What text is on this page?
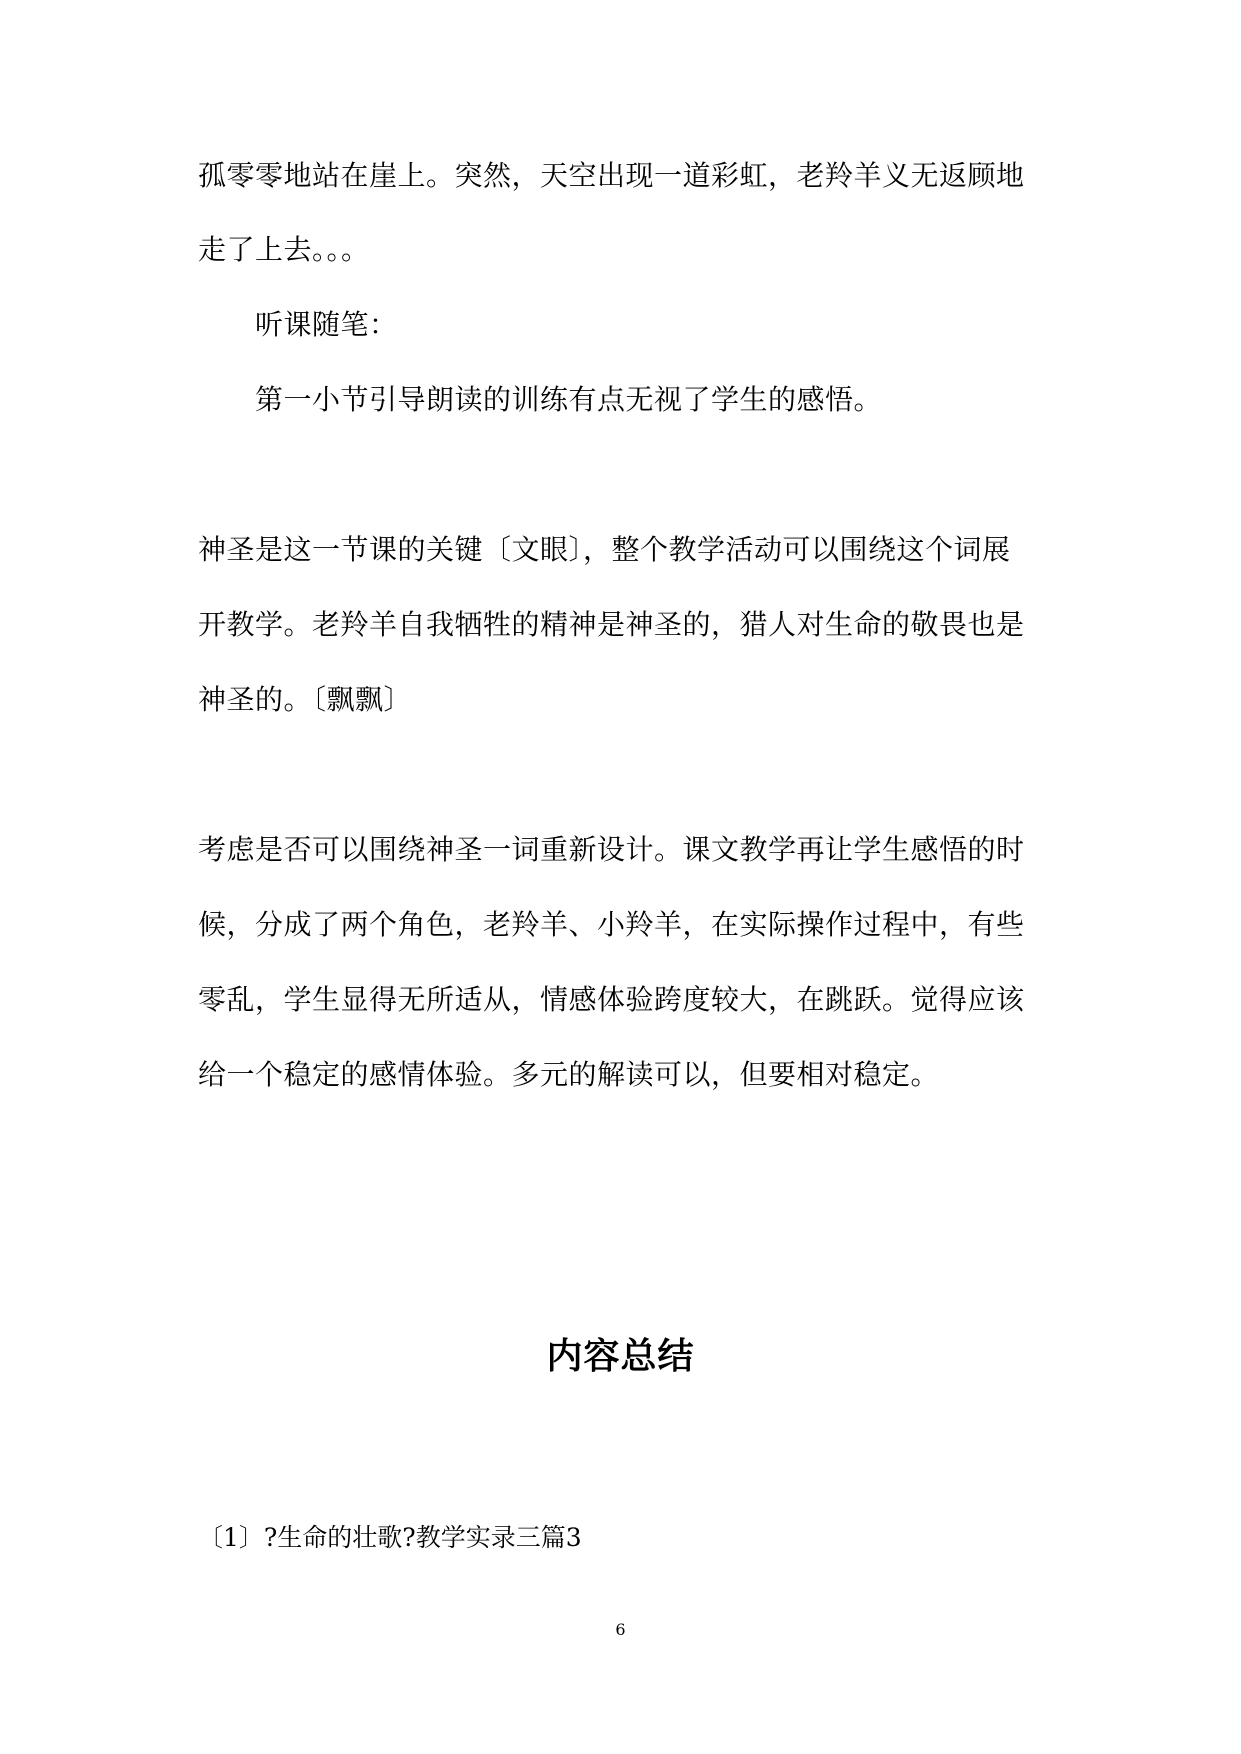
孤零零地站在崖上。突然，天空出现一道彩虹，老羚羊义无返顾地
走了上去。。。
听课随笔：
第一小节引导朗读的训练有点无视了学生的感悟。
神圣是这一节课的关键〔文眼〕，整个教学活动可以围绕这个词展
开教学。老羚羊自我牺牲的精神是神圣的，猎人对生命的敬畏也是
神圣的。〔飘飘〕
考虑是否可以围绕神圣一词重新设计。课文教学再让学生感悟的时
候，分成了两个角色，老羚羊、小羚羊，在实际操作过程中，有些
零乱，学生显得无所适从，情感体验跨度较大，在跳跃。觉得应该
给一个稳定的感情体验。多元的解读可以，但要相对稳定。
内容总结
〔1〕?生命的壮歌?教学实录三篇3
6
